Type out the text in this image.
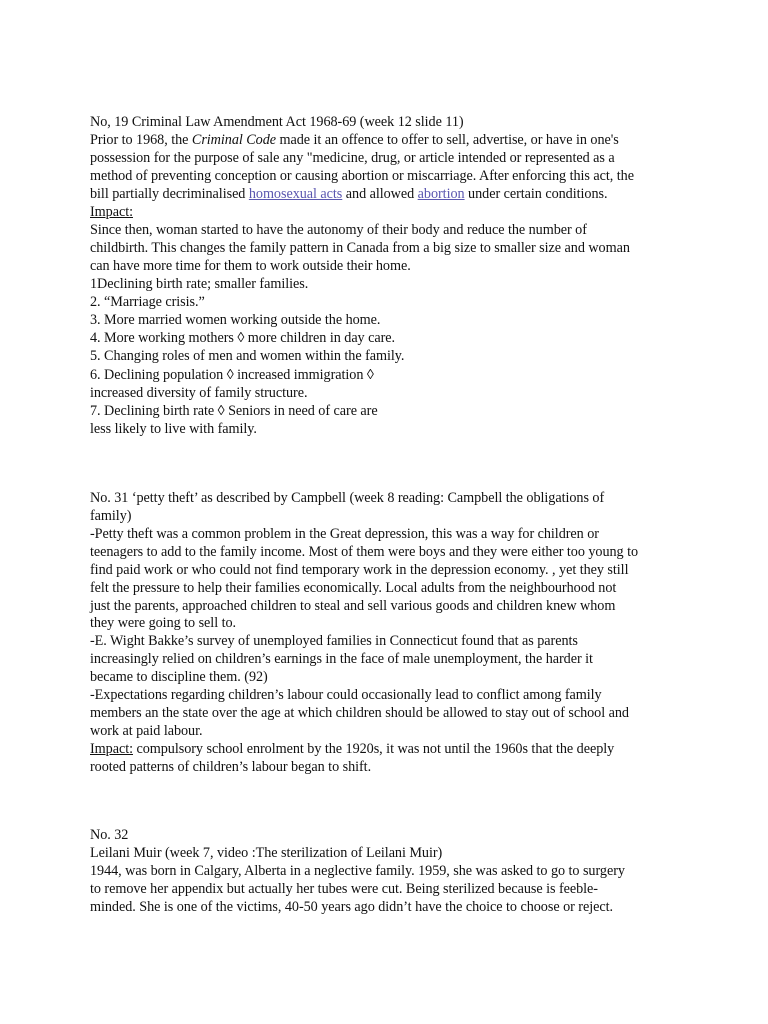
No, 19 Criminal Law Amendment Act 1968-69 (week 12 slide 11)
Prior to 1968, the Criminal Code made it an offence to offer to sell, advertise, or have in one's
possession for the purpose of sale any "medicine, drug, or article intended or represented as a
method of preventing conception or causing abortion or miscarriage. After enforcing this act, the
bill partially decriminalised homosexual acts and allowed abortion under certain conditions.
Impact:
Since then, woman started to have the autonomy of their body and reduce the number of
childbirth. This changes the family pattern in Canada from a big size to smaller size and woman
can have more time for them to work outside their home.
1Declining birth rate; smaller families.
2. “Marriage crisis.”
3. More married women working outside the home.
4. More working mothers ◊ more children in day care.
5. Changing roles of men and women within the family.
6. Declining population ◊ increased immigration ◊
increased diversity of family structure.
7. Declining birth rate ◊ Seniors in need of care are
less likely to live with family.
No. 31 ‘petty theft’ as described by Campbell (week 8 reading: Campbell the obligations of
family)
-Petty theft was a common problem in the Great depression, this was a way for children or
teenagers to add to the family income. Most of them were boys and they were either too young to
find paid work or who could not find temporary work in the depression economy. , yet they still
felt the pressure to help their families economically. Local adults from the neighbourhood not
just the parents, approached children to steal and sell various goods and children knew whom
they were going to sell to.
-E. Wight Bakke’s survey of unemployed families in Connecticut found that as parents
increasingly relied on children’s earnings in the face of male unemployment, the harder it
became to discipline them. (92)
-Expectations regarding children’s labour could occasionally lead to conflict among family
members an the state over the age at which children should be allowed to stay out of school and
work at paid labour.
Impact: compulsory school enrolment by the 1920s, it was not until the 1960s that the deeply
rooted patterns of children’s labour began to shift.
No. 32
Leilani Muir (week 7, video :The sterilization of Leilani Muir)
1944, was born in Calgary, Alberta in a neglective family. 1959, she was asked to go to surgery
to remove her appendix but actually her tubes were cut. Being sterilized because is feeble-
minded. She is one of the victims, 40-50 years ago didn’t have the choice to choose or reject.
